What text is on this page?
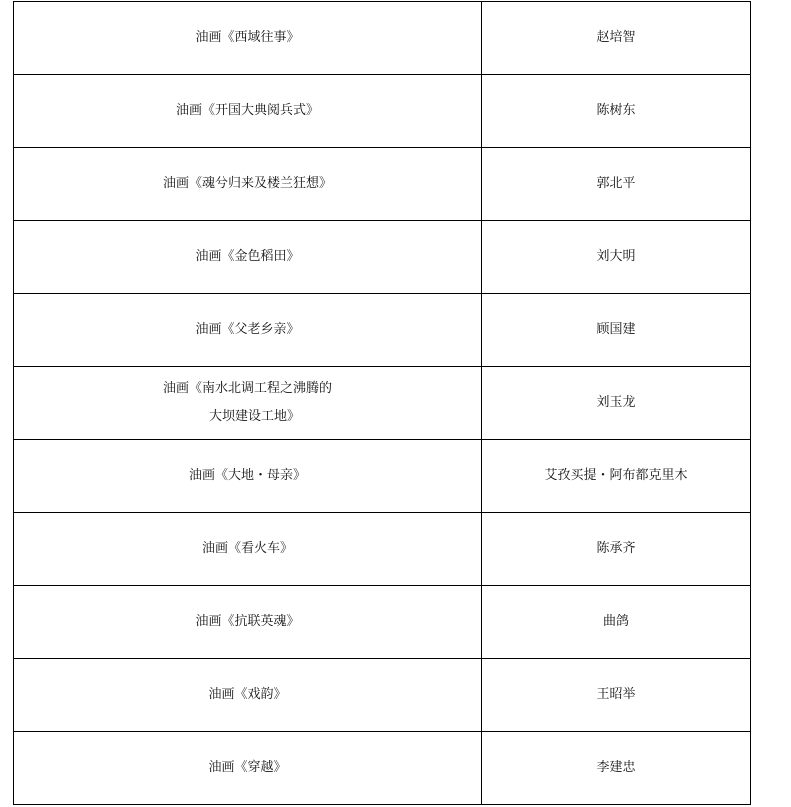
油画《西域往事》	赵培智
油画《开国大典阅兵式》	陈树东
油画《魂兮归来及楼兰狂想》	郭北平
油画《金色稻田》	刘大明
油画《父老乡亲》	顾国建

油画《南水北调工程之沸腾的
大坝建设工地》	刘玉龙
油画《大地・母亲》	艾孜买提・阿布都克里木
油画《看火车》	陈承齐
油画《抗联英魂》	曲鸽
油画《戏韵》	王昭举
油画《穿越》	李建忠
